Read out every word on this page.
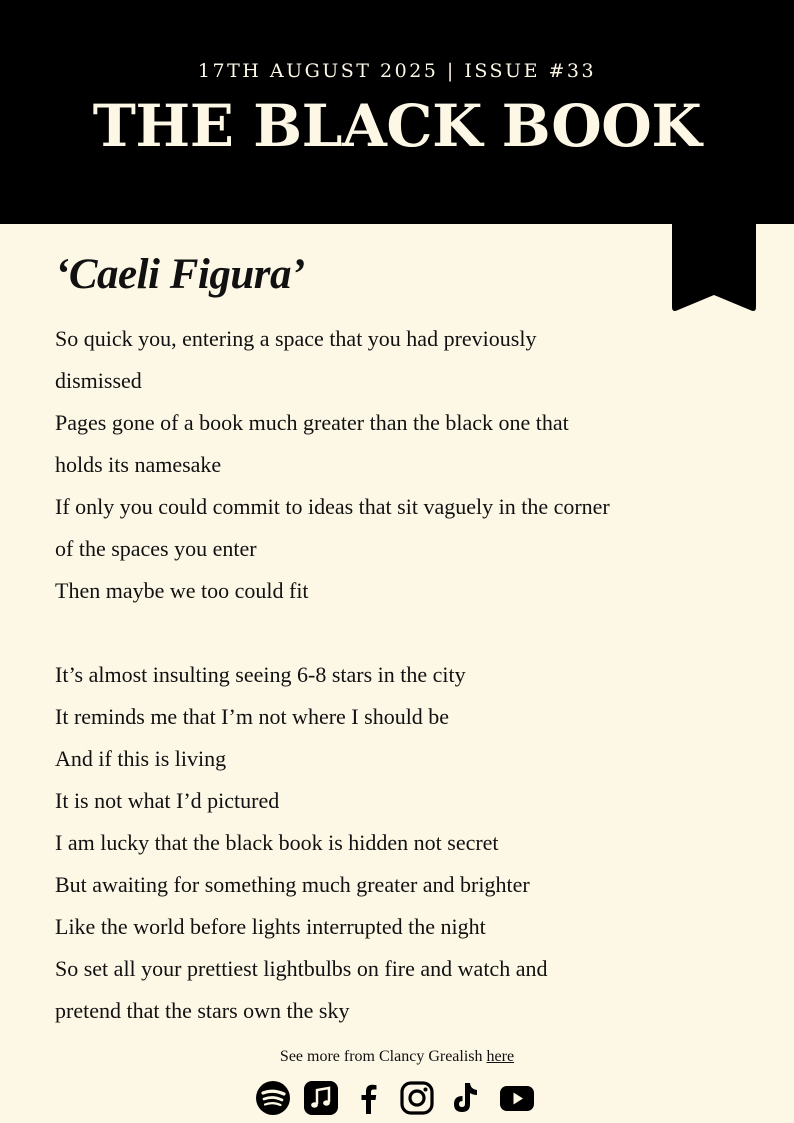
17TH AUGUST 2025 | ISSUE #33
THE BLACK BOOK
‘Caeli Figura’
So quick you, entering a space that you had previously
dismissed
Pages gone of a book much greater than the black one that
holds its namesake
If only you could commit to ideas that sit vaguely in the corner
of the spaces you enter
Then maybe we too could fit
It’s almost insulting seeing 6-8 stars in the city
It reminds me that I’m not where I should be
And if this is living
It is not what I’d pictured
I am lucky that the black book is hidden not secret
But awaiting for something much greater and brighter
Like the world before lights interrupted the night
So set all your prettiest lightbulbs on fire and watch and
pretend that the stars own the sky
See more from Clancy Grealish here
